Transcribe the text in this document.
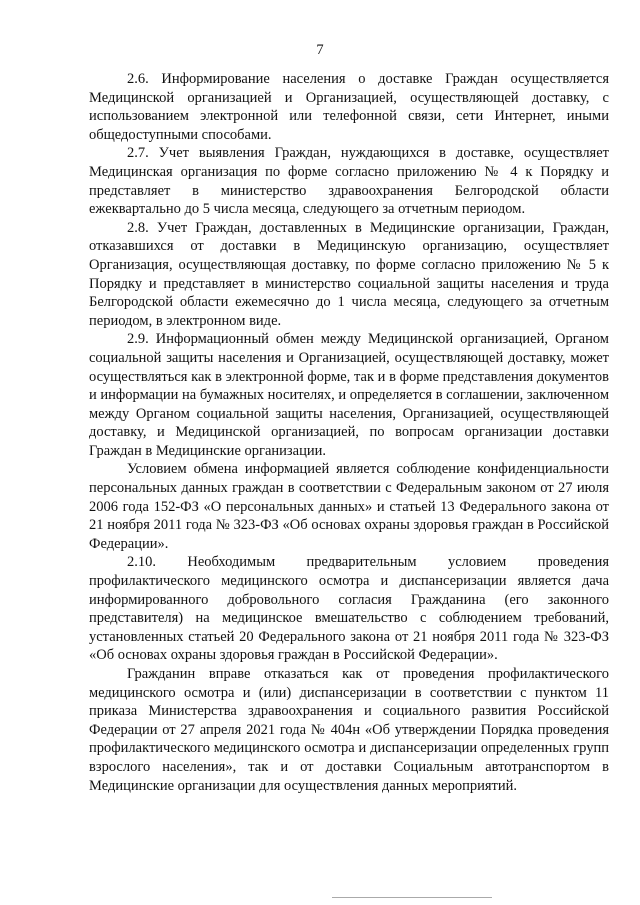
7

2.6. Информирование населения о доставке Граждан осуществляется Медицинской организацией и Организацией, осуществляющей доставку, с использованием электронной или телефонной связи, сети Интернет, иными общедоступными способами.

2.7. Учет выявления Граждан, нуждающихся в доставке, осуществляет Медицинская организация по форме согласно приложению № 4 к Порядку и представляет в министерство здравоохранения Белгородской области ежеквартально до 5 числа месяца, следующего за отчетным периодом.

2.8. Учет Граждан, доставленных в Медицинские организации, Граждан, отказавшихся от доставки в Медицинскую организацию, осуществляет Организация, осуществляющая доставку, по форме согласно приложению № 5 к Порядку и представляет в министерство социальной защиты населения и труда Белгородской области ежемесячно до 1 числа месяца, следующего за отчетным периодом, в электронном виде.

2.9. Информационный обмен между Медицинской организацией, Органом социальной защиты населения и Организацией, осуществляющей доставку, может осуществляться как в электронной форме, так и в форме представления документов и информации на бумажных носителях, и определяется в соглашении, заключенном между Органом социальной защиты населения, Организацией, осуществляющей доставку, и Медицинской организацией, по вопросам организации доставки Граждан в Медицинские организации.

Условием обмена информацией является соблюдение конфиденциальности персональных данных граждан в соответствии с Федеральным законом от 27 июля 2006 года 152-ФЗ «О персональных данных» и статьей 13 Федерального закона от 21 ноября 2011 года № 323-ФЗ «Об основах охраны здоровья граждан в Российской Федерации».

2.10. Необходимым предварительным условием проведения профилактического медицинского осмотра и диспансеризации является дача информированного добровольного согласия Гражданина (его законного представителя) на медицинское вмешательство с соблюдением требований, установленных статьей 20 Федерального закона от 21 ноября 2011 года № 323-ФЗ «Об основах охраны здоровья граждан в Российской Федерации».

Гражданин вправе отказаться как от проведения профилактического медицинского осмотра и (или) диспансеризации в соответствии с пунктом 11 приказа Министерства здравоохранения и социального развития Российской Федерации от 27 апреля 2021 года № 404н «Об утверждении Порядка проведения профилактического медицинского осмотра и диспансеризации определенных групп взрослого населения», так и от доставки Социальным автотранспортом в Медицинские организации для осуществления данных мероприятий.
